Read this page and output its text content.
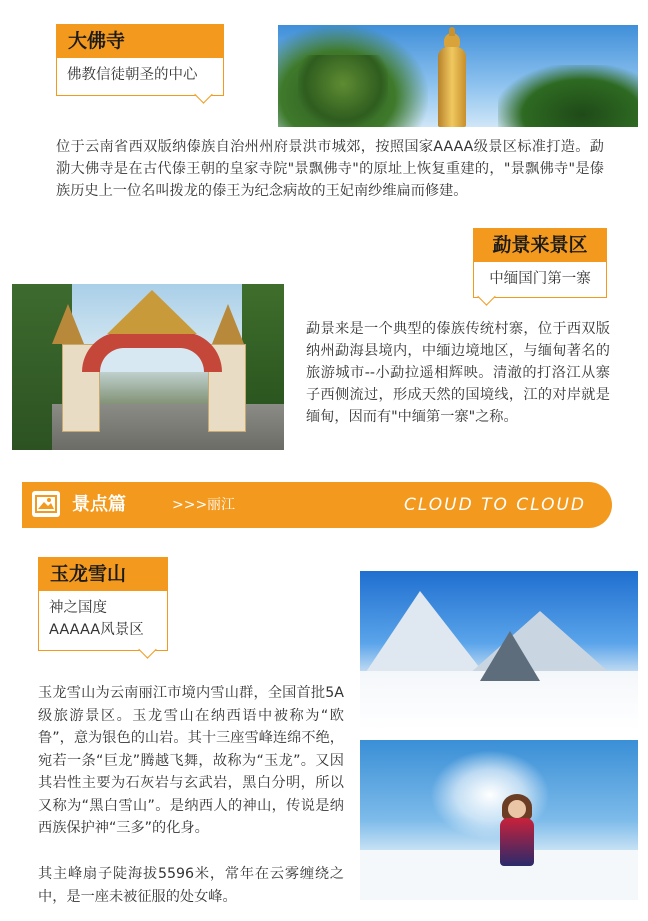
大佛寺
佛教信徒朝圣的中心

位于云南省西双版纳傣族自治州州府景洪市城郊，按照国家AAAA级景区标准打造。勐泐大佛寺是在古代傣王朝的皇家寺院"景飘佛寺"的原址上恢复重建的，"景飘佛寺"是傣族历史上一位名叫拨龙的傣王为纪念病故的王妃南纱维扁而修建。

勐景来景区
中缅国门第一寨

勐景来是一个典型的傣族传统村寨，位于西双版纳州勐海县境内，中缅边境地区，与缅甸著名的旅游城市--小勐拉遥相辉映。清澈的打洛江从寨子西侧流过，形成天然的国境线，江的对岸就是缅甸，因而有"中缅第一寨"之称。

景点篇	>>> 丽江	CLOUD TO CLOUD
玉龙雪山
神之国度
AAAAA风景区

玉龙雪山为云南丽江市境内雪山群，全国首批5A级旅游景区。玉龙雪山在纳西语中被称为“欧鲁”，意为银色的山岩。其十三座雪峰连绵不绝，宛若一条“巨龙”腾越飞舞，故称为“玉龙”。又因其岩性主要为石灰岩与玄武岩，黑白分明，所以又称为“黑白雪山”。是纳西人的神山，传说是纳西族保护神“三多”的化身。

其主峰扇子陡海拔5596米，常年在云雾缠绕之中，是一座未被征服的处女峰。
